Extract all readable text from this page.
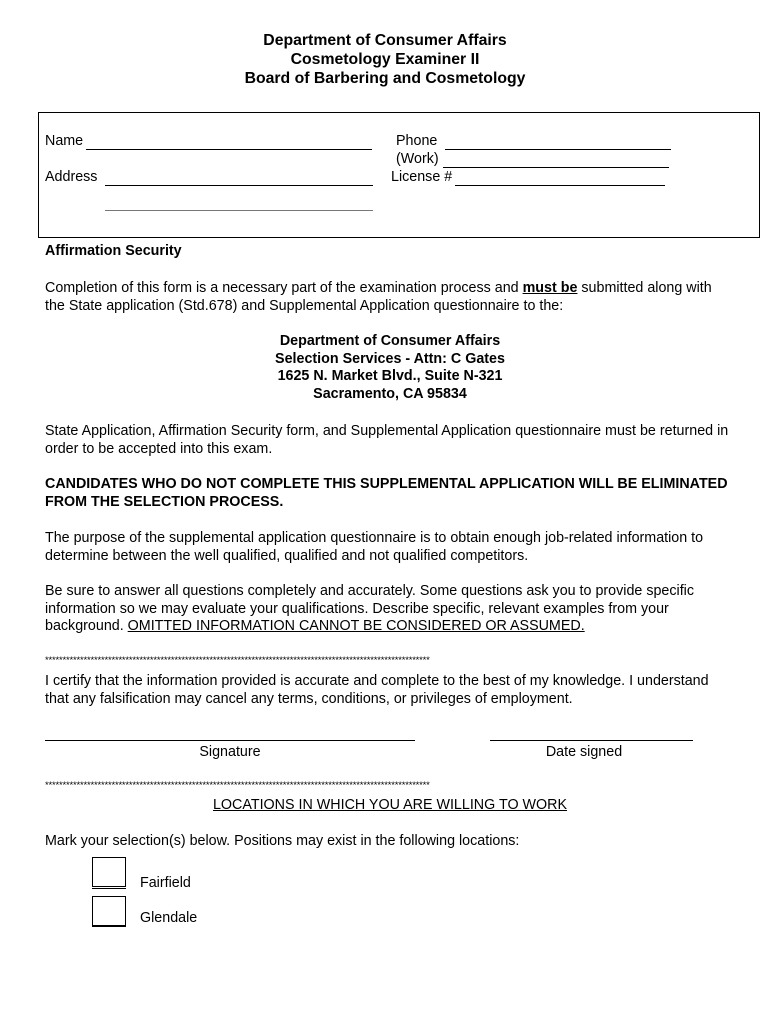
Department of Consumer Affairs
Cosmetology Examiner II
Board of Barbering and Cosmetology
Name
Address
Phone
(Work)
License #
Affirmation Security
Completion of this form is a necessary part of the examination process and must be submitted along with the State application (Std.678) and Supplemental Application questionnaire to the:
Department of Consumer Affairs
Selection Services - Attn: C Gates
1625 N. Market Blvd., Suite N-321
Sacramento, CA 95834
State Application, Affirmation Security form, and Supplemental Application questionnaire must be returned in order to be accepted into this exam.
CANDIDATES WHO DO NOT COMPLETE THIS SUPPLEMENTAL APPLICATION WILL BE ELIMINATED FROM THE SELECTION PROCESS.
The purpose of the supplemental application questionnaire is to obtain enough job-related information to determine between the well qualified, qualified and not qualified competitors.
Be sure to answer all questions completely and accurately. Some questions ask you to provide specific information so we may evaluate your qualifications. Describe specific, relevant examples from your background. OMITTED INFORMATION CANNOT BE CONSIDERED OR ASSUMED.
**************************************************************************************************************
I certify that the information provided is accurate and complete to the best of my knowledge. I understand that any falsification may cancel any terms, conditions, or privileges of employment.
Signature	Date signed
**************************************************************************************************************
LOCATIONS IN WHICH YOU ARE WILLING TO WORK
Mark your selection(s) below. Positions may exist in the following locations:
Fairfield
Glendale
